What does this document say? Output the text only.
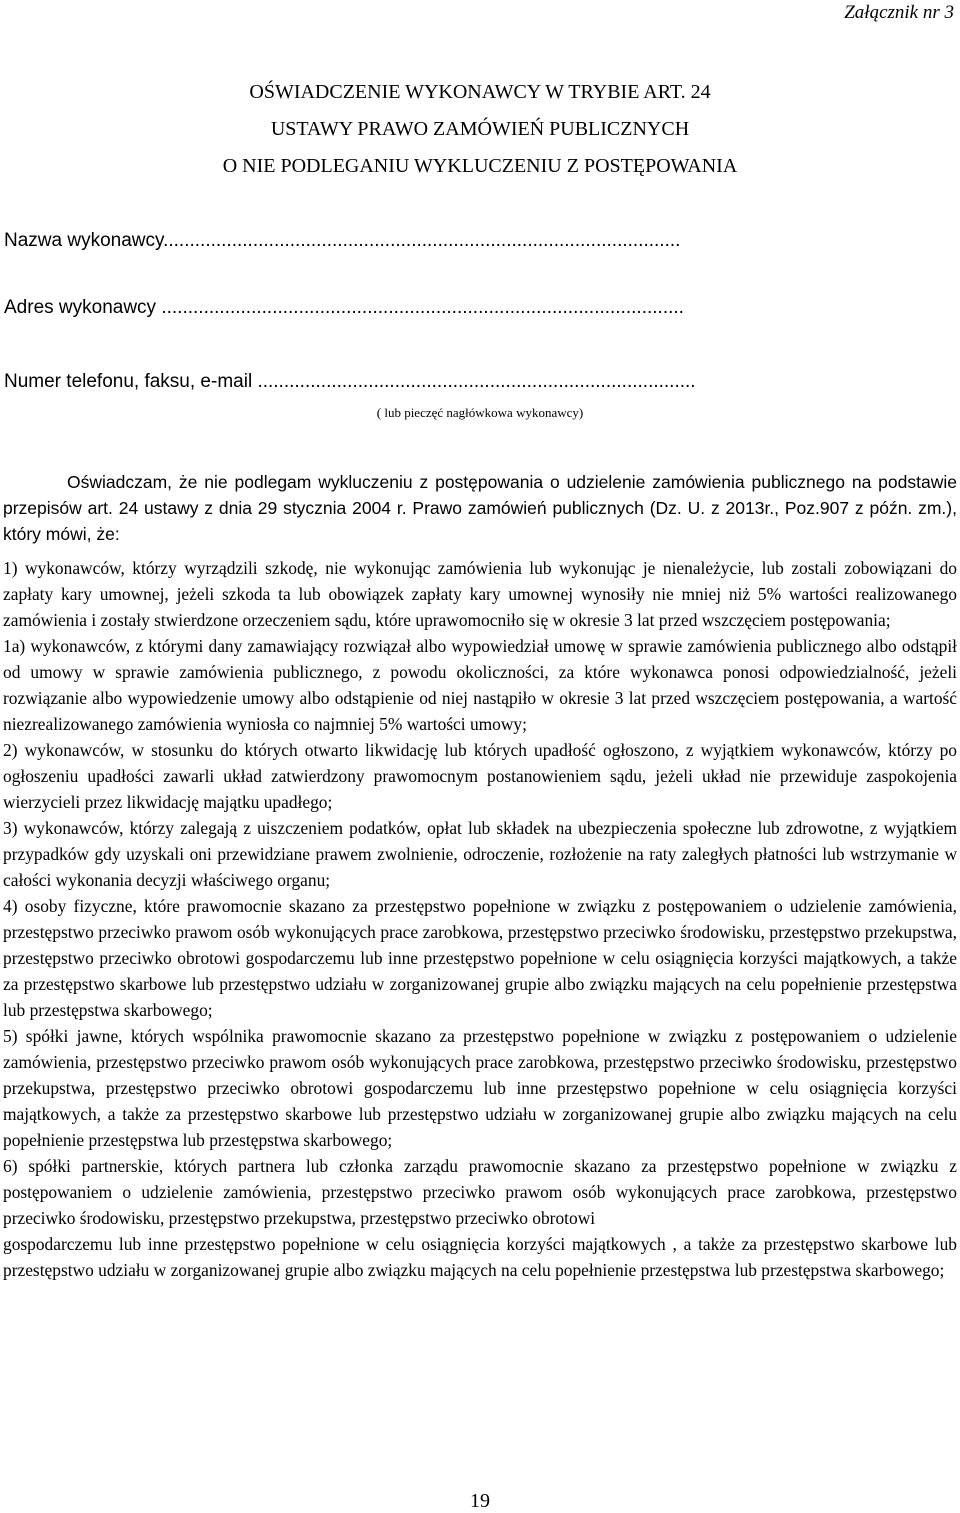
Załącznik nr 3
OŚWIADCZENIE WYKONAWCY W TRYBIE ART. 24
USTAWY PRAWO ZAMÓWIEŃ PUBLICZNYCH
O NIE PODLEGANIU WYKLUCZENIU Z POSTĘPOWANIA
Nazwa wykonawcy..................................................................................................
Adres wykonawcy ...................................................................................................
Numer telefonu, faksu, e-mail ...................................................................................
( lub pieczęć nagłówkowa wykonawcy)

Oświadczam, że nie podlegam wykluczeniu z postępowania o udzielenie zamówienia publicznego na podstawie przepisów art. 24 ustawy z dnia 29 stycznia 2004 r. Prawo zamówień publicznych (Dz. U. z 2013r., Poz.907 z późn. zm.), który mówi, że:

1) wykonawców, którzy wyrządzili szkodę, nie wykonując zamówienia lub wykonując je nienależycie, lub zostali zobowiązani do zapłaty kary umownej, jeżeli szkoda ta lub obowiązek zapłaty kary umownej wynosiły nie mniej niż 5% wartości realizowanego zamówienia i zostały stwierdzone orzeczeniem sądu, które uprawomocniło się w okresie 3 lat przed wszczęciem postępowania;

1a) wykonawców, z którymi dany zamawiający rozwiązał albo wypowiedział umowę w sprawie zamówienia publicznego albo odstąpił od umowy w sprawie zamówienia publicznego, z powodu okoliczności, za które wykonawca ponosi odpowiedzialność, jeżeli rozwiązanie albo wypowiedzenie umowy albo odstąpienie od niej nastąpiło w okresie 3 lat przed wszczęciem postępowania, a wartość niezrealizowanego zamówienia wyniosła co najmniej 5% wartości umowy;

2) wykonawców, w stosunku do których otwarto likwidację lub których upadłość ogłoszono, z wyjątkiem wykonawców, którzy po ogłoszeniu upadłości zawarli układ zatwierdzony prawomocnym postanowieniem sądu, jeżeli układ nie przewiduje zaspokojenia wierzycieli przez likwidację majątku upadłego;

3) wykonawców, którzy zalegają z uiszczeniem podatków, opłat lub składek na ubezpieczenia społeczne lub zdrowotne, z wyjątkiem przypadków gdy uzyskali oni przewidziane prawem zwolnienie, odroczenie, rozłożenie na raty zaległych płatności lub wstrzymanie w całości wykonania decyzji właściwego organu;

4) osoby fizyczne, które prawomocnie skazano za przestępstwo popełnione w związku z postępowaniem o udzielenie zamówienia, przestępstwo przeciwko prawom osób wykonujących prace zarobkowa, przestępstwo przeciwko środowisku, przestępstwo przekupstwa, przestępstwo przeciwko obrotowi gospodarczemu lub inne przestępstwo popełnione w celu osiągnięcia korzyści majątkowych, a także za przestępstwo skarbowe lub przestępstwo udziału w zorganizowanej grupie albo związku mających na celu popełnienie przestępstwa lub przestępstwa skarbowego;

5) spółki jawne, których wspólnika prawomocnie skazano za przestępstwo popełnione w związku z postępowaniem o udzielenie zamówienia, przestępstwo przeciwko prawom osób wykonujących prace zarobkowa, przestępstwo przeciwko środowisku, przestępstwo przekupstwa, przestępstwo przeciwko obrotowi gospodarczemu lub inne przestępstwo popełnione w celu osiągnięcia korzyści majątkowych, a także za przestępstwo skarbowe lub przestępstwo udziału w zorganizowanej grupie albo związku mających na celu popełnienie przestępstwa lub przestępstwa skarbowego;

6) spółki partnerskie, których partnera lub członka zarządu prawomocnie skazano za przestępstwo popełnione w związku z postępowaniem o udzielenie zamówienia, przestępstwo przeciwko prawom osób wykonujących prace zarobkowa, przestępstwo przeciwko środowisku, przestępstwo przekupstwa, przestępstwo przeciwko obrotowi

gospodarczemu lub inne przestępstwo popełnione w celu osiągnięcia korzyści majątkowych , a także za przestępstwo skarbowe lub przestępstwo udziału w zorganizowanej grupie albo związku mających na celu popełnienie przestępstwa lub przestępstwa skarbowego;

19
